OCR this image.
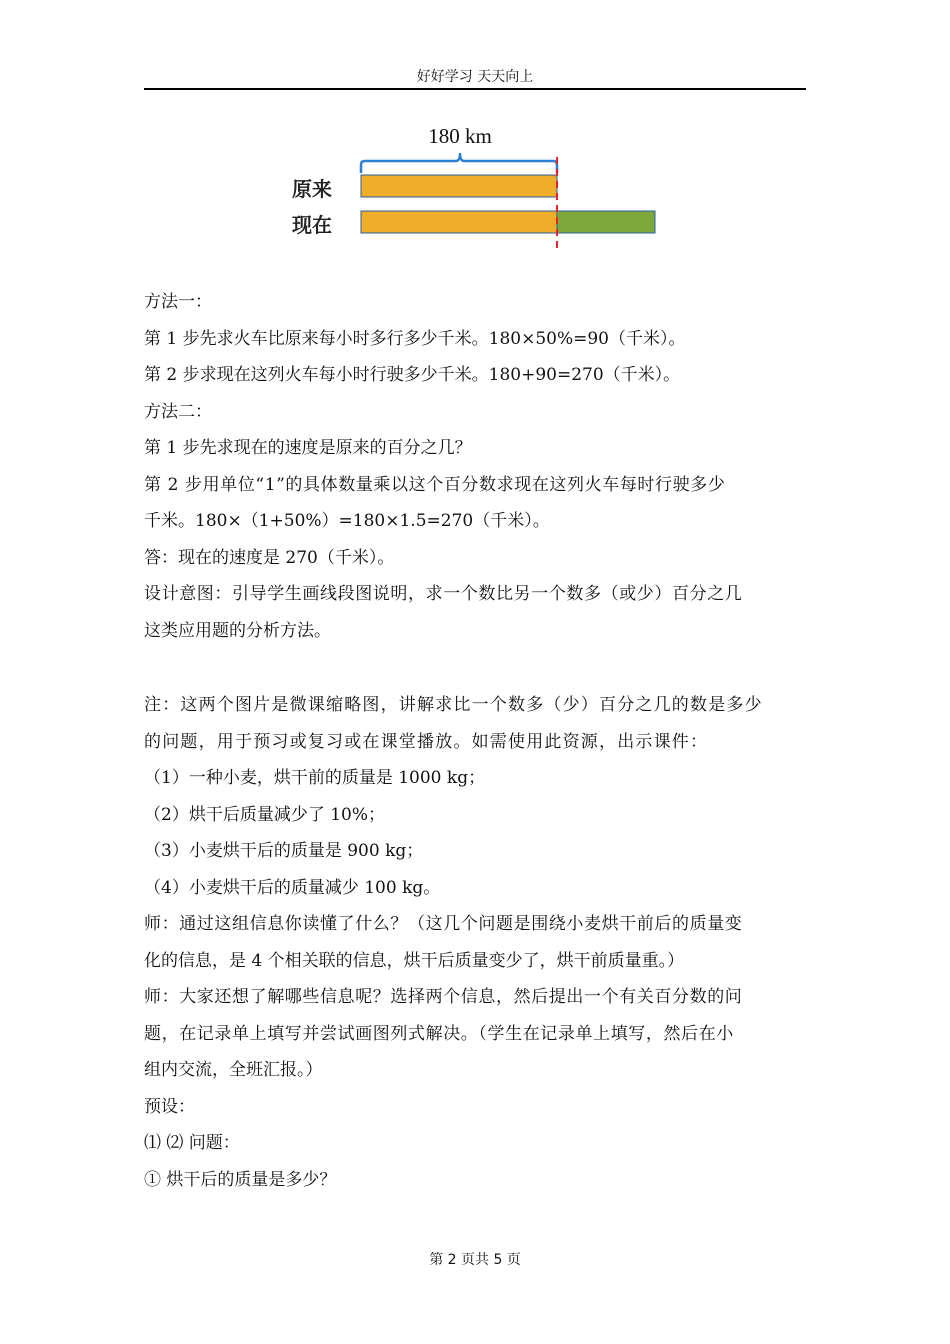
好好学习 天天向上
180 km
原来
现在
方法一：
第 1 步先求火车比原来每小时多行多少千米。180×50%=90（千米）。
第 2 步求现在这列火车每小时行驶多少千米。180+90=270（千米）。
方法二：
第 1 步先求现在的速度是原来的百分之几？
第 2 步用单位“1”的具体数量乘以这个百分数求现在这列火车每时行驶多少
千米。180×（1+50%）=180×1.5=270（千米）。
答：现在的速度是 270（千米）。
设计意图：引导学生画线段图说明，求一个数比另一个数多（或少）百分之几
这类应用题的分析方法。
注：这两个图片是微课缩略图，讲解求比一个数多（少）百分之几的数是多少
的问题，用于预习或复习或在课堂播放。如需使用此资源，出示课件：
（1）一种小麦，烘干前的质量是 1000 kg；
（2）烘干后质量减少了 10%；
（3）小麦烘干后的质量是 900 kg；
（4）小麦烘干后的质量减少 100 kg。
师：通过这组信息你读懂了什么？（这几个问题是围绕小麦烘干前后的质量变
化的信息，是 4 个相关联的信息，烘干后质量变少了，烘干前质量重。）
师：大家还想了解哪些信息呢？选择两个信息，然后提出一个有关百分数的问
题，在记录单上填写并尝试画图列式解决。（学生在记录单上填写，然后在小
组内交流，全班汇报。）
预设：
⑴ ⑵ 问题：
① 烘干后的质量是多少？
第 2 页共 5 页
